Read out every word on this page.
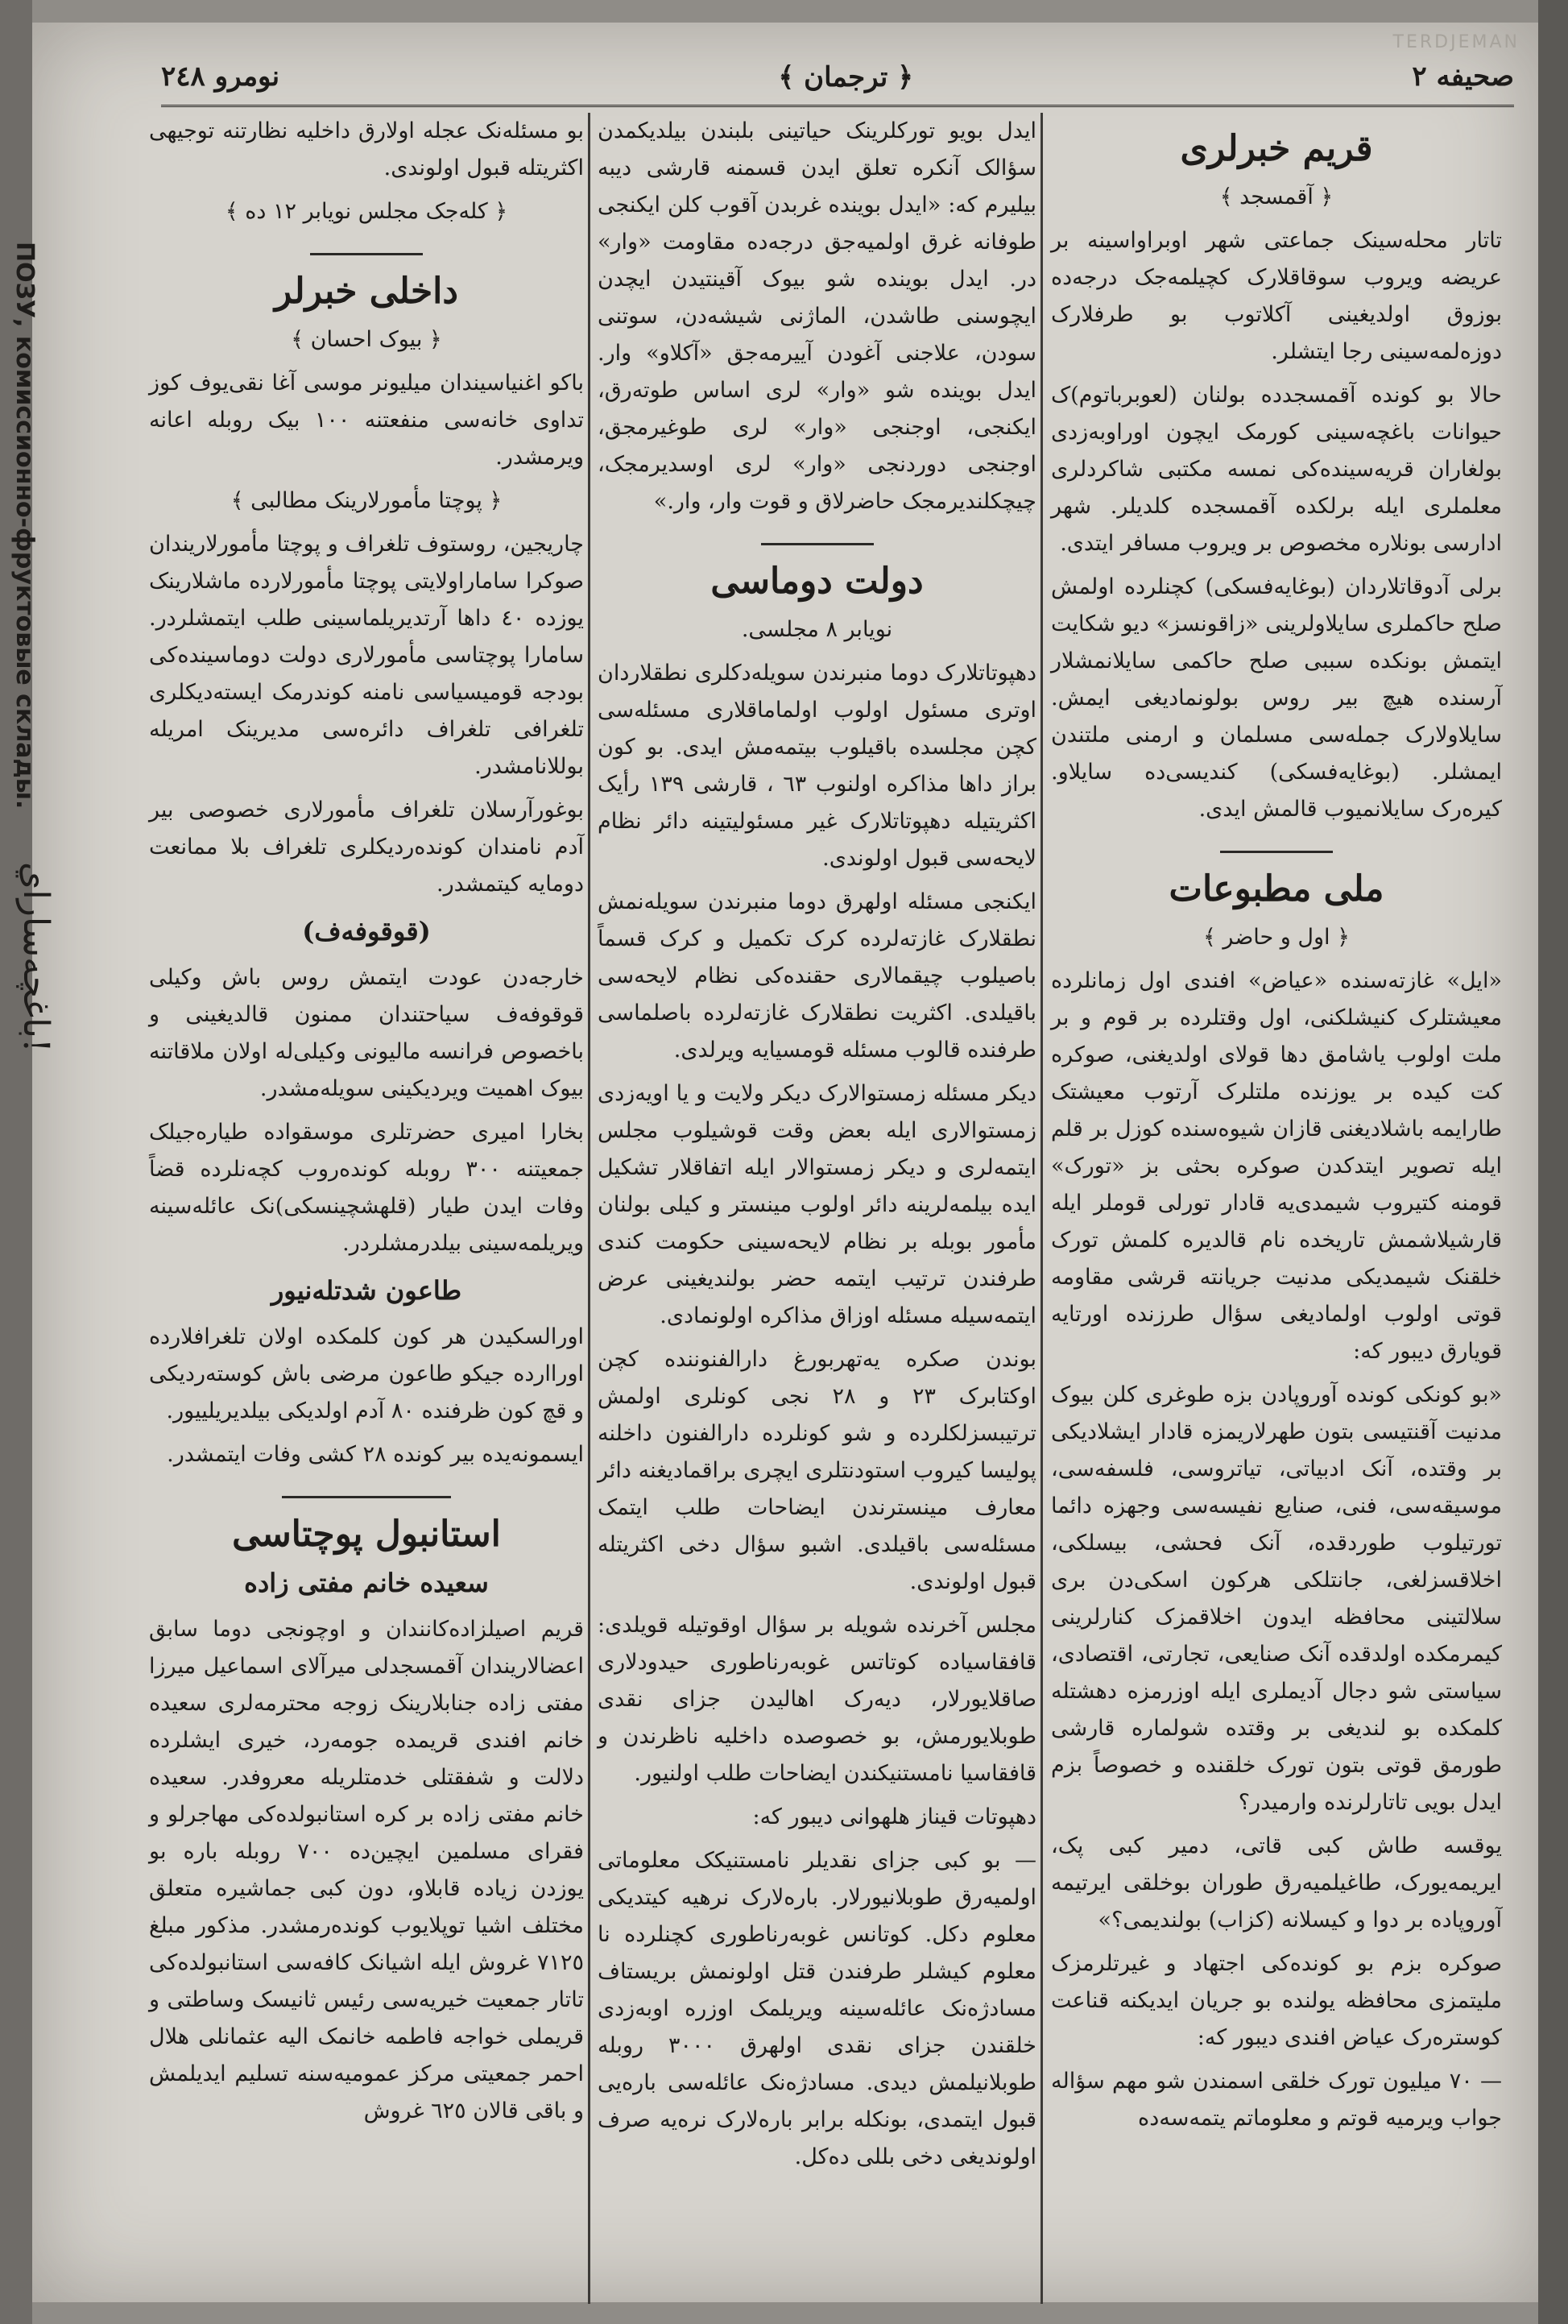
ПОЗУ, комиссионно-фруктовые склады.
باغچه‌ساراي!
TERDJEMAN
صحیفه ٢
﴿ ترجمان ﴾
نومرو ٢٤٨
قریم خبرلری
﴿ آقمسجد ﴾

تاتار محله‌سینک جماعتی شهر اوبراواسینه بر عریضه ویروب سوقاقلارک کچیلمه‌جک درجه‌ده بوزوق اولدیغینی آکلاتوب بو طرفلارک دوزه‌لمه‌سینی رجا ایتشلر.

حالا بو کونده آقمسجدده بولنان (لعوبرباتوم)ک حیوانات باغچه‌سینی کورمک ایچون اوراوبه‌زدی بولغاران قریه‌سینده‌کی نمسه مکتبی شاکردلری معلملری ایله برلکده آقمسجده کلدیلر. شهر ادارسی بونلاره مخصوص بر ویروب مسافر ایتدی.

برلی آدوقاتلاردان (بوغایه‌فسکی) کچنلرده اولمش صلح حاکملری سایلاولرینی «زاقونسز» دیو شکایت ایتمش بونکده سببی صلح حاکمی سایلانمشلار آرسنده هیچ بیر روس بولونمادیغی ایمش. سایلاولارک جمله‌سی مسلمان و ارمنی ملتندن ایمشلر. (بوغایه‌فسکی) کندیسی‌ده سایلاو. کیره‌رک سایلانمیوب قالمش ایدی.

ملی مطبوعات
﴿ اول و حاضر ﴾

«ایل» غازته‌سنده «عیاض» افندی اول زمانلرده معیشتلرک کنیشلکنی، اول وقتلرده بر قوم و بر ملت اولوب یاشامق دها قولای اولدیغنی، صوکره کت کیده بر یوزنده ملتلرک آرتوب معیشتک طارایمه باشلادیغنی قازان شیوه‌سنده کوزل بر قلم ایله تصویر ایتدکدن صوکره بحثی بز «تورک» قومنه کتیروب شیمدی‌یه قادار تورلی قوملر ایله قارشیلاشمش تاریخده نام قالدیره کلمش تورک خلقنک شیمدیکی مدنیت جریانته قرشی مقاومه قوتی اولوب اولمادیغی سؤال طرزنده اورتایه قویارق دیبور که:

«بو کونکی کونده آوروپادن بزه طوغری کلن بیوک مدنیت آقنتیسی بتون طهرلاریمزه قادار ایشلادیکی بر وقتده، آنک ادبیاتی، تیاتروسی، فلسفه‌سی، موسیقه‌سی، فنی، صنایع نفیسه‌سی وجهزه دائما تورتیلوب طوردقده، آنک فحشی، بیسلکی، اخلاقسزلغی، جانتلکی هرکون اسکی‌دن بری سلالتینی محافظه ایدون اخلاقمزک کنارلرینی کیمرمکده اولدقده آنک صنایعی، تجارتی، اقتصادی، سیاستی شو دجال آدیملری ایله اوزرمزه دهشتله کلمکده بو لندیغی بر وقتده شولماره قارشی طورمق قوتی بتون تورک خلقنده و خصوصاً بزم ایدل بویی تاتارلرنده وارمیدر؟

یوقسه طاش کبی قاتی، دمیر کبی پک، ایریمه‌یورک، طاغیلمیه‌رق طوران بوخلقی ایرتیمه آوروپاده بر دوا و کیسلانه (کزاب) بولندیمی؟»

صوکره بزم بو کونده‌کی اجتهاد و غیرتلرمزک ملیتمزی محافظه یولنده بو جریان ایدیکنه قناعت کوستره‌رک عیاض افندی دیبور که:

— ٧٠ میلیون تورک خلقی اسمندن شو مهم سؤاله جواب ویرمیه قوتم و معلوماتم یتمه‌سه‌ده

ایدل بویو تورکلرینک حیاتینی بلبندن بیلدیکمدن سؤالک آنکره تعلق ایدن قسمنه قارشی دیبه بیلیرم که: «ایدل بوینده غربدن آقوب کلن ایکنجی طوفانه غرق اولمیه‌جق درجه‌ده مقاومت «وار» در. ایدل بوینده شو بیوک آقینتیدن ایچدن ایچوسنی طاشدن، الماژنی شیشه‌دن، سوتنی سودن، علاجنی آغودن آییرمه‌جق «آکلاو» وار. ایدل بوینده شو «وار» لری اساس طوته‌رق، ایکنجی، اوجنجی «وار» لری طوغیرمجق، اوجنجی دوردنجی «وار» لری اوسدیرمجک، چیچکلندیرمجک حاضرلاق و قوت وار، وار.»

دولت دوماسی
نویابر ٨ مجلسی.

دهپوتاتلارک دوما منبرندن سویله‌دکلری نطقلاردان اوترى مسئول اولوب اولماماقلاری مسئله‌سی کچن مجلسده باقیلوب بیتمه‌مش ایدی. بو کون براز داها مذاکره اولنوب ٦٣ ، قارشی ١٣٩ رأیک اکثریتیله دهپوتاتلارک غیر مسئولیتینه دائر نظام لایحه‌سی قبول اولوندی.

ایکنجی مسئله اولهرق دوما منبرندن سویله‌نمش نطقلارک غازته‌لرده کرک تکمیل و کرک قسماً باصیلوب چیقمالاری حقنده‌کی نظام لایحه‌سی باقیلدی. اکثریت نطقلارک غازته‌لرده باصلماسی طرفنده قالوب مسئله قومسیایه ویرلدی.

دیکر مسئله زمستوالارک دیکر ولایت و یا اویه‌زدی زمستوالاری ایله بعض وقت قوشیلوب مجلس ایتمه‌لری و دیکر زمستوالار ایله اتفاقلار تشکیل ایده بیلمه‌لرینه دائر اولوب مینستر و کیلی بولنان مأمور بوبله بر نظام لایحه‌سینی حکومت کندی طرفندن ترتیب ایتمه حضر بولندیغینی عرض ایتمه‌سیله مسئله اوزاق مذاکره اولونمادی.

بوندن صکره یه‌تهربورغ دارالفنوننده کچن اوکتابرک ٢٣ و ٢٨ نجی کونلری اولمش ترتیبسزلکلرده و شو کونلرده دارالفنون داخلنه پولیسا کیروب استودنتلری ایچری براقمادیغنه دائر معارف مینسترندن ایضاحات طلب ایتمک مسئله‌سی باقیلدی. اشبو سؤال دخی اکثریتله قبول اولوندی.

مجلس آخرنده شویله بر سؤال اوقوتیله قویلدی: قافقاسیاده کوتاتس غوبه‌رناطوری حیدودلاری صاقلایورلار، دیه‌رک اهالیدن جزای نقدی طوبلایورمش، بو خصوصده داخلیه ناظرندن و قافقاسیا نامستنیکندن ایضاحات طلب اولنیور.

دهپوتات قیناز هلهوانی دیبور که:

— بو کبی جزای نقدیلر نامستنیکک معلوماتی اولمیه‌رق طوبلانیورلار. باره‌لارک نرهیه کیتدیکی معلوم دکل. کوتانس غوبه‌رناطوری کچنلرده نا معلوم کیشلر طرفندن قتل اولونمش بریستاف مسادژه‌نک عائله‌سینه ویریلمک اوزره اوبه‌زدی خلقندن جزای نقدی اولهرق ٣٠٠٠ روبله طوبلانیلمش دیدی. مسادژه‌نک عائله‌سی باره‌یی قبول ایتمدی، بونکله برابر باره‌لارک نره‌یه صرف اولوندیغی دخی بللی ده‌کل.

بو مسئله‌نک عجله اولارق داخلیه نظارتنه توجیهی اکثریتله قبول اولوندی.

﴿ کله‌جک مجلس نویابر ١٢ ده ﴾
داخلی خبرلر
﴿ بیوک احسان ﴾

باکو اغنیاسیندان میلیونر موسی آغا نقی‌یوف کوز تداوی خانه‌سی منفعتنه ١٠٠ بیک روبله اعانه ویرمشدر.

﴿ پوچتا مأمورلارینک مطالبی ﴾

چاریجین، روستوف تلغراف و پوچتا مأمورلاریندان صوکرا ساماراولایتی پوچتا مأمورلارده ماشلارینک یوزده ٤٠ داها آرتدیریلماسینی طلب ایتمشلردر. سامارا پوچتاسی مأمورلاری دولت دوماسینده‌کی بودجه قومیسیاسی نامنه کوندرمک ایسته‌دیکلری تلغرافی تلغراف دائره‌سی مدیرینک امریله بوللانامشدر.

بوغورآرسلان تلغراف مأمورلاری خصوصی بیر آدم نامندان کونده‌ردیکلری تلغراف بلا ممانعت دومایه کیتمشدر.

(قوقوفه‌ف)

خارجه‌دن عودت ایتمش روس باش وکیلی قوقوفه‌ف سیاحتندان ممنون قالدیغینی و باخصوص فرانسه مالیونی وکیلی‌له اولان ملاقاتنه بیوک اهمیت ویردیکینی سویله‌مشدر.

بخارا امیری حضرتلری موسقواده طیاره‌جیلک جمعیتنه ٣٠٠ روبله کونده‌روب کچه‌نلرده قضاً وفات ایدن طیار (قلهشچینسکی)نک عائله‌سینه ویریلمه‌سینی بیلدرمشلردر.

طاعون شدتله‌نیور

اورالسکیدن هر کون کلمکده اولان تلغرافلارده اوراارده جیکو طاعون مرضی باش کوسته‌ردیکی و قچ کون ظرفنده ٨٠ آدم اولدیکی بیلدیریلییور.

ایسمونه‌یده بیر کونده ٢٨ کشی وفات ایتمشدر.

استانبول پوچتاسی
سعیده خانم مفتی زاده

قریم اصیلزاده‌کانندان و اوچونجی دوما سابق اعضالاریندان آقمسجدلی میرآلای اسماعیل میرزا مفتی زاده جنابلارینک زوجه محترمه‌لری سعیده خانم افندی قریمده جومه‌رد، خیری ایشلرده دلالت و شفقتلی خدمتلریله معروفدر. سعیده خانم مفتی زاده بر کره استانبولده‌کی مهاجرلو و فقرای مسلمین ایچین‌ده ٧٠٠ روبله باره بو یوزدن زیاده قابلاو، دون کبی جماشیره متعلق مختلف اشیا توپلایوب کونده‌رمشدر. مذکور مبلغ ٧١٢٥ غروش ایله اشیانک کافه‌سی استانبولده‌کی تاتار جمعیت خیریه‌سی رئیس ثانیسک وساطتی و قریملی خواجه فاطمه خانمک الیه عثمانلی هلال احمر جمعیتی مرکز عمومیه‌سنه تسلیم ایدیلمش و باقی قالان ٦٢٥ غروش
